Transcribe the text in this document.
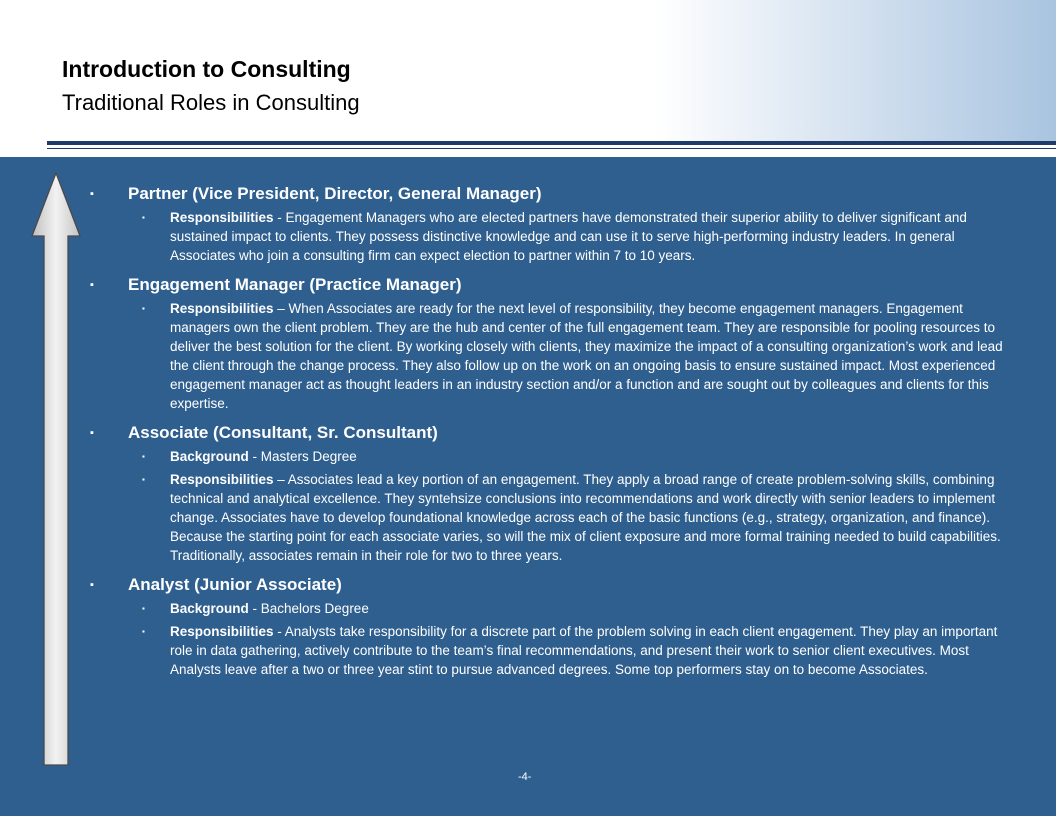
Introduction to Consulting
Traditional Roles in Consulting
▪ Partner (Vice President, Director, General Manager)
▪ Responsibilities - Engagement Managers who are elected partners have demonstrated their superior ability to deliver significant and sustained impact to clients. They possess distinctive knowledge and can use it to serve high-performing industry leaders. In general Associates who join a consulting firm can expect election to partner within 7 to 10 years.
▪ Engagement Manager (Practice Manager)
▪ Responsibilities – When Associates are ready for the next level of responsibility, they become engagement managers. Engagement managers own the client problem. They are the hub and center of the full engagement team. They are responsible for pooling resources to deliver the best solution for the client. By working closely with clients, they maximize the impact of a consulting organization’s work and lead the client through the change process. They also follow up on the work on an ongoing basis to ensure sustained impact. Most experienced engagement manager act as thought leaders in an industry section and/or a function and are sought out by colleagues and clients for this expertise.
▪ Associate (Consultant, Sr. Consultant)
▪ Background - Masters Degree
▪ Responsibilities – Associates lead a key portion of an engagement. They apply a broad range of create problem-solving skills, combining technical and analytical excellence. They syntehsize conclusions into recommendations and work directly with senior leaders to implement change. Associates have to develop foundational knowledge across each of the basic functions (e.g., strategy, organization, and finance). Because the starting point for each associate varies, so will the mix of client exposure and more formal training needed to build capabilities. Traditionally, associates remain in their role for two to three years.
▪ Analyst (Junior Associate)
▪ Background - Bachelors Degree
▪ Responsibilities - Analysts take responsibility for a discrete part of the problem solving in each client engagement. They play an important role in data gathering, actively contribute to the team’s final recommendations, and present their work to senior client executives. Most Analysts leave after a two or three year stint to pursue advanced degrees. Some top performers stay on to become Associates.
-4-
